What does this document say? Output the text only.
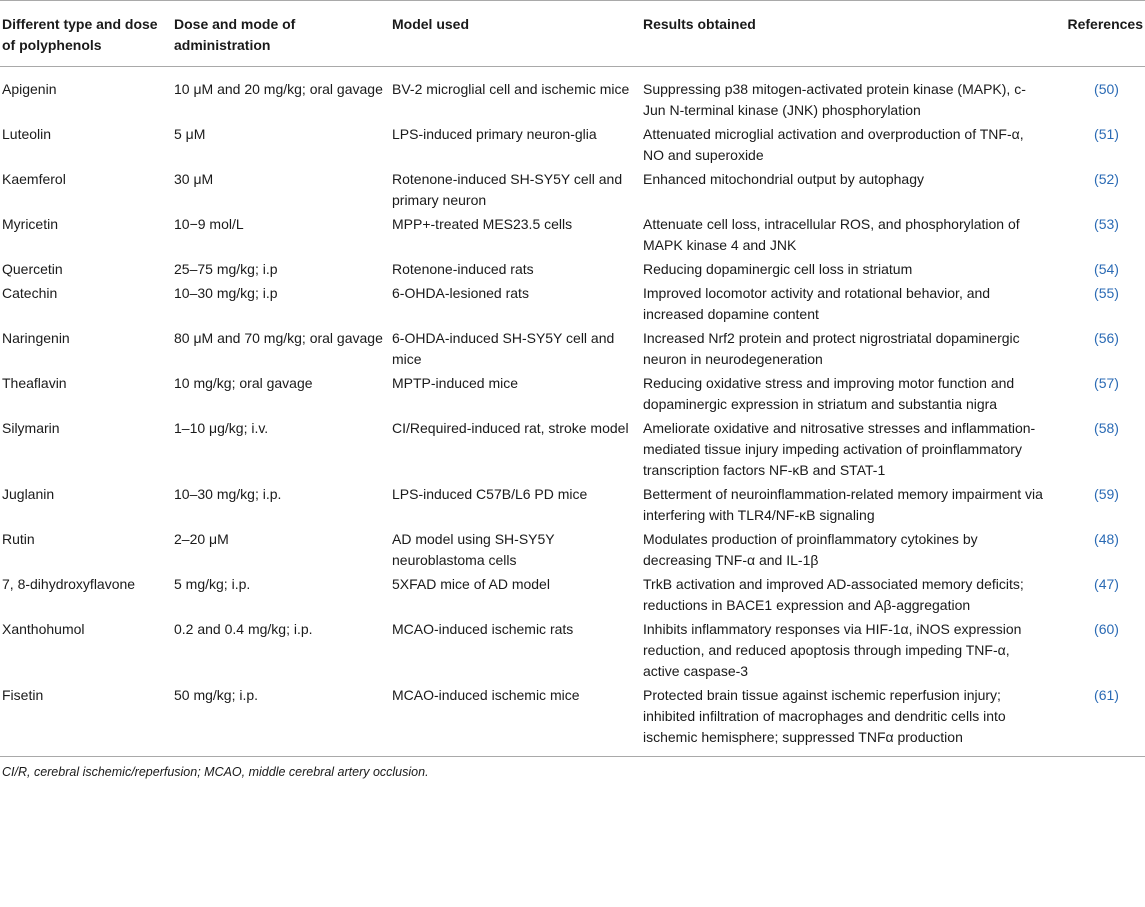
Different type and dose of polyphenols	Dose and mode of administration	Model used	Results obtained	References
Apigenin	10 μM and 20 mg/kg; oral gavage	BV-2 microglial cell and ischemic mice	Suppressing p38 mitogen-activated protein kinase (MAPK), c-Jun N-terminal kinase (JNK) phosphorylation	(50)
Luteolin	5 μM	LPS-induced primary neuron-glia	Attenuated microglial activation and overproduction of TNF-α, NO and superoxide	(51)
Kaemferol	30 μM	Rotenone-induced SH-SY5Y cell and primary neuron	Enhanced mitochondrial output by autophagy	(52)
Myricetin	10−9 mol/L	MPP+-treated MES23.5 cells	Attenuate cell loss, intracellular ROS, and phosphorylation of MAPK kinase 4 and JNK	(53)
Quercetin	25–75 mg/kg; i.p	Rotenone-induced rats	Reducing dopaminergic cell loss in striatum	(54)
Catechin	10–30 mg/kg; i.p	6-OHDA-lesioned rats	Improved locomotor activity and rotational behavior, and increased dopamine content	(55)
Naringenin	80 μM and 70 mg/kg; oral gavage	6-OHDA-induced SH-SY5Y cell and mice	Increased Nrf2 protein and protect nigrostriatal dopaminergic neuron in neurodegeneration	(56)
Theaflavin	10 mg/kg; oral gavage	MPTP-induced mice	Reducing oxidative stress and improving motor function and dopaminergic expression in striatum and substantia nigra	(57)
Silymarin	1–10 μg/kg; i.v.	CI/Required-induced rat, stroke model	Ameliorate oxidative and nitrosative stresses and inflammation-mediated tissue injury impeding activation of proinflammatory transcription factors NF-κB and STAT-1	(58)
Juglanin	10–30 mg/kg; i.p.	LPS-induced C57B/L6 PD mice	Betterment of neuroinflammation-related memory impairment via interfering with TLR4/NF-κB signaling	(59)
Rutin	2–20 μM	AD model using SH-SY5Y neuroblastoma cells	Modulates production of proinflammatory cytokines by decreasing TNF-α and IL-1β	(48)
7, 8-dihydroxyflavone	5 mg/kg; i.p.	5XFAD mice of AD model	TrkB activation and improved AD-associated memory deficits; reductions in BACE1 expression and Aβ-aggregation	(47)
Xanthohumol	0.2 and 0.4 mg/kg; i.p.	MCAO-induced ischemic rats	Inhibits inflammatory responses via HIF-1α, iNOS expression reduction, and reduced apoptosis through impeding TNF-α, active caspase-3	(60)
Fisetin	50 mg/kg; i.p.	MCAO-induced ischemic mice	Protected brain tissue against ischemic reperfusion injury; inhibited infiltration of macrophages and dendritic cells into ischemic hemisphere; suppressed TNFα production	(61)
CI/R, cerebral ischemic/reperfusion; MCAO, middle cerebral artery occlusion.
